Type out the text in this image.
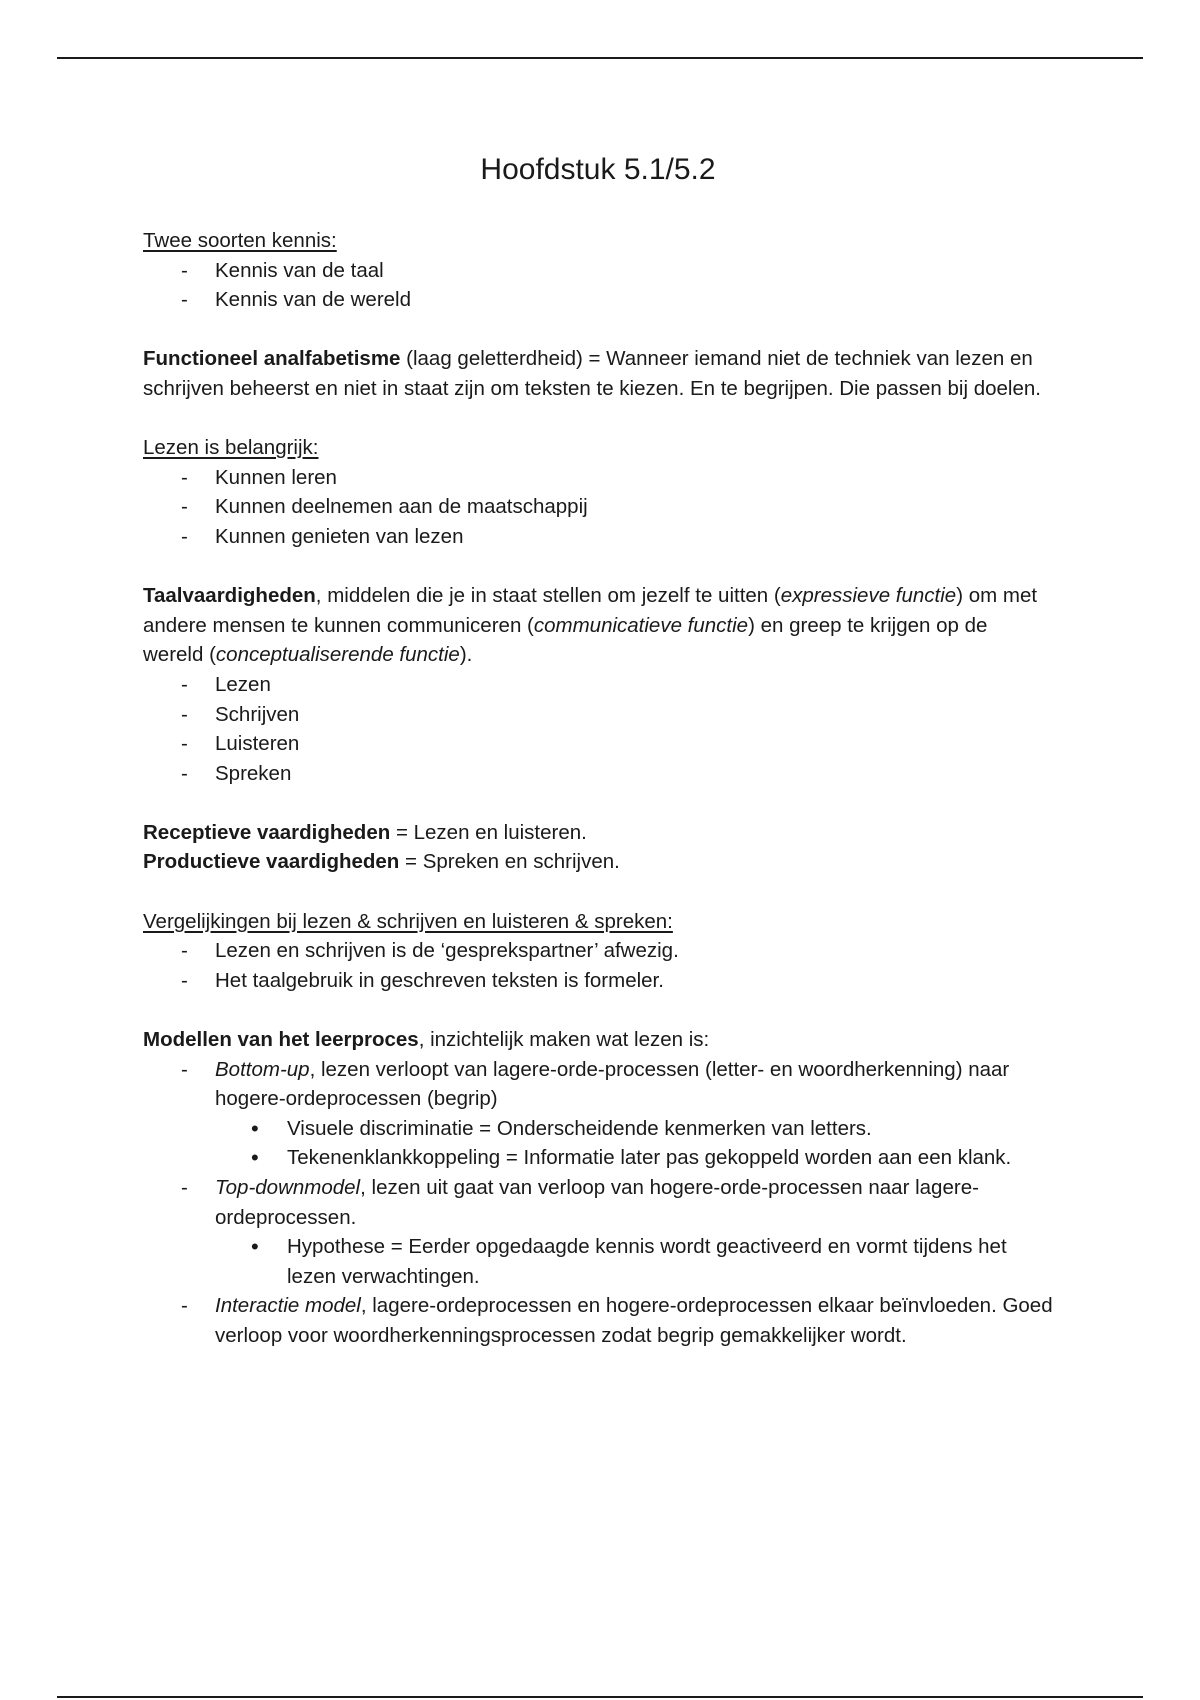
Hoofdstuk 5.1/5.2

Twee soorten kennis:

- Kennis van de taal
- Kennis van de wereld

Functioneel analfabetisme (laag geletterdheid) = Wanneer iemand niet de techniek van lezen en schrijven beheerst en niet in staat zijn om teksten te kiezen. En te begrijpen. Die passen bij doelen.

Lezen is belangrijk:

- Kunnen leren
- Kunnen deelnemen aan de maatschappij
- Kunnen genieten van lezen

Taalvaardigheden, middelen die je in staat stellen om jezelf te uitten (expressieve functie) om met andere mensen te kunnen communiceren (communicatieve functie) en greep te krijgen op de wereld (conceptualiserende functie).

- Lezen
- Schrijven
- Luisteren
- Spreken

Receptieve vaardigheden = Lezen en luisteren.

Productieve vaardigheden = Spreken en schrijven.

Vergelijkingen bij lezen & schrijven en luisteren & spreken:

- Lezen en schrijven is de ‘gesprekspartner’ afwezig.
- Het taalgebruik in geschreven teksten is formeler.

Modellen van het leerproces, inzichtelijk maken wat lezen is:

- Bottom-up, lezen verloopt van lagere-orde-processen (letter- en woordherkenning) naar hogere-ordeprocessen (begrip)
• Visuele discriminatie = Onderscheidende kenmerken van letters.
• Tekenenklankkoppeling = Informatie later pas gekoppeld worden aan een klank.
- Top-downmodel, lezen uit gaat van verloop van hogere-orde-processen naar lagere-ordeprocessen.
• Hypothese = Eerder opgedaagde kennis wordt geactiveerd en vormt tijdens het lezen verwachtingen.
- Interactie model, lagere-ordeprocessen en hogere-ordeprocessen elkaar beïnvloeden. Goed verloop voor woordherkenningsprocessen zodat begrip gemakkelijker wordt.
